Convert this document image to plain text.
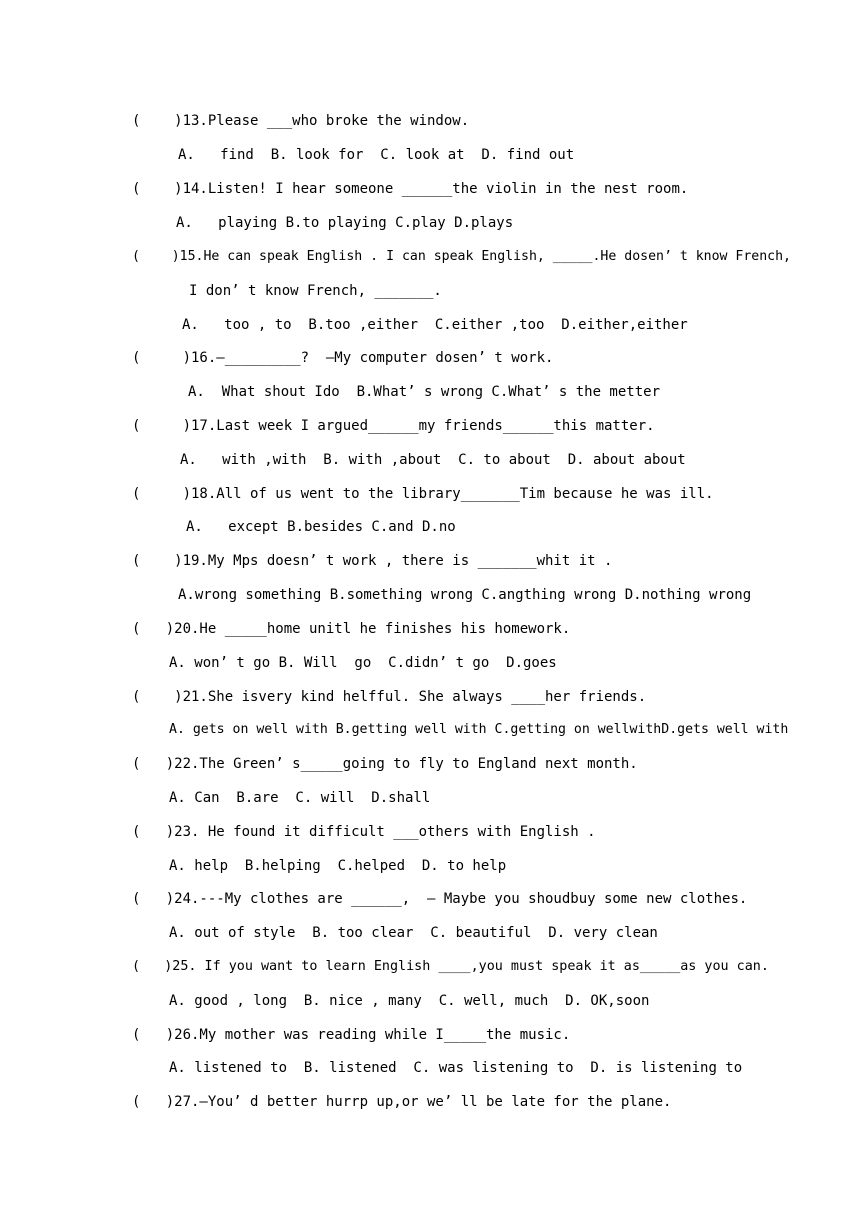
(    )13.Please ___who broke the window.
A.   find  B. look for  C. look at  D. find out
(    )14.Listen! I hear someone ______the violin in the nest room.
A.   playing B.to playing C.play D.plays
(    )15.He can speak English . I can speak English, _____.He dosen’ t know French,
I don’ t know French, _______.
A.   too , to  B.too ,either  C.either ,too  D.either,either
(     )16.—_________?  —My computer dosen’ t work.
A.  What shout Ido  B.What’ s wrong C.What’ s the metter
(     )17.Last week I argued______my friends______this matter.
A.   with ,with  B. with ,about  C. to about  D. about about
(     )18.All of us went to the library_______Tim because he was ill.
A.   except B.besides C.and D.no
(    )19.My Mps doesn’ t work , there is _______whit it .
A.wrong something B.something wrong C.angthing wrong D.nothing wrong
(   )20.He _____home unitl he finishes his homework.
A. won’ t go B. Will  go  C.didn’ t go  D.goes
(    )21.She isvery kind helfful. She always ____her friends.
A. gets on well with B.getting well with C.getting on wellwithD.gets well with
(   )22.The Green’ s_____going to fly to England next month.
A. Can  B.are  C. will  D.shall
(   )23. He found it difficult ___others with English .
A. help  B.helping  C.helped  D. to help
(   )24.---My clothes are ______,  — Maybe you shoudbuy some new clothes.
A. out of style  B. too clear  C. beautiful  D. very clean
(   )25. If you want to learn English ____,you must speak it as_____as you can.
A. good , long  B. nice , many  C. well, much  D. OK,soon
(   )26.My mother was reading while I_____the music.
A. listened to  B. listened  C. was listening to  D. is listening to
(   )27.—You’ d better hurrp up,or we’ ll be late for the plane.
